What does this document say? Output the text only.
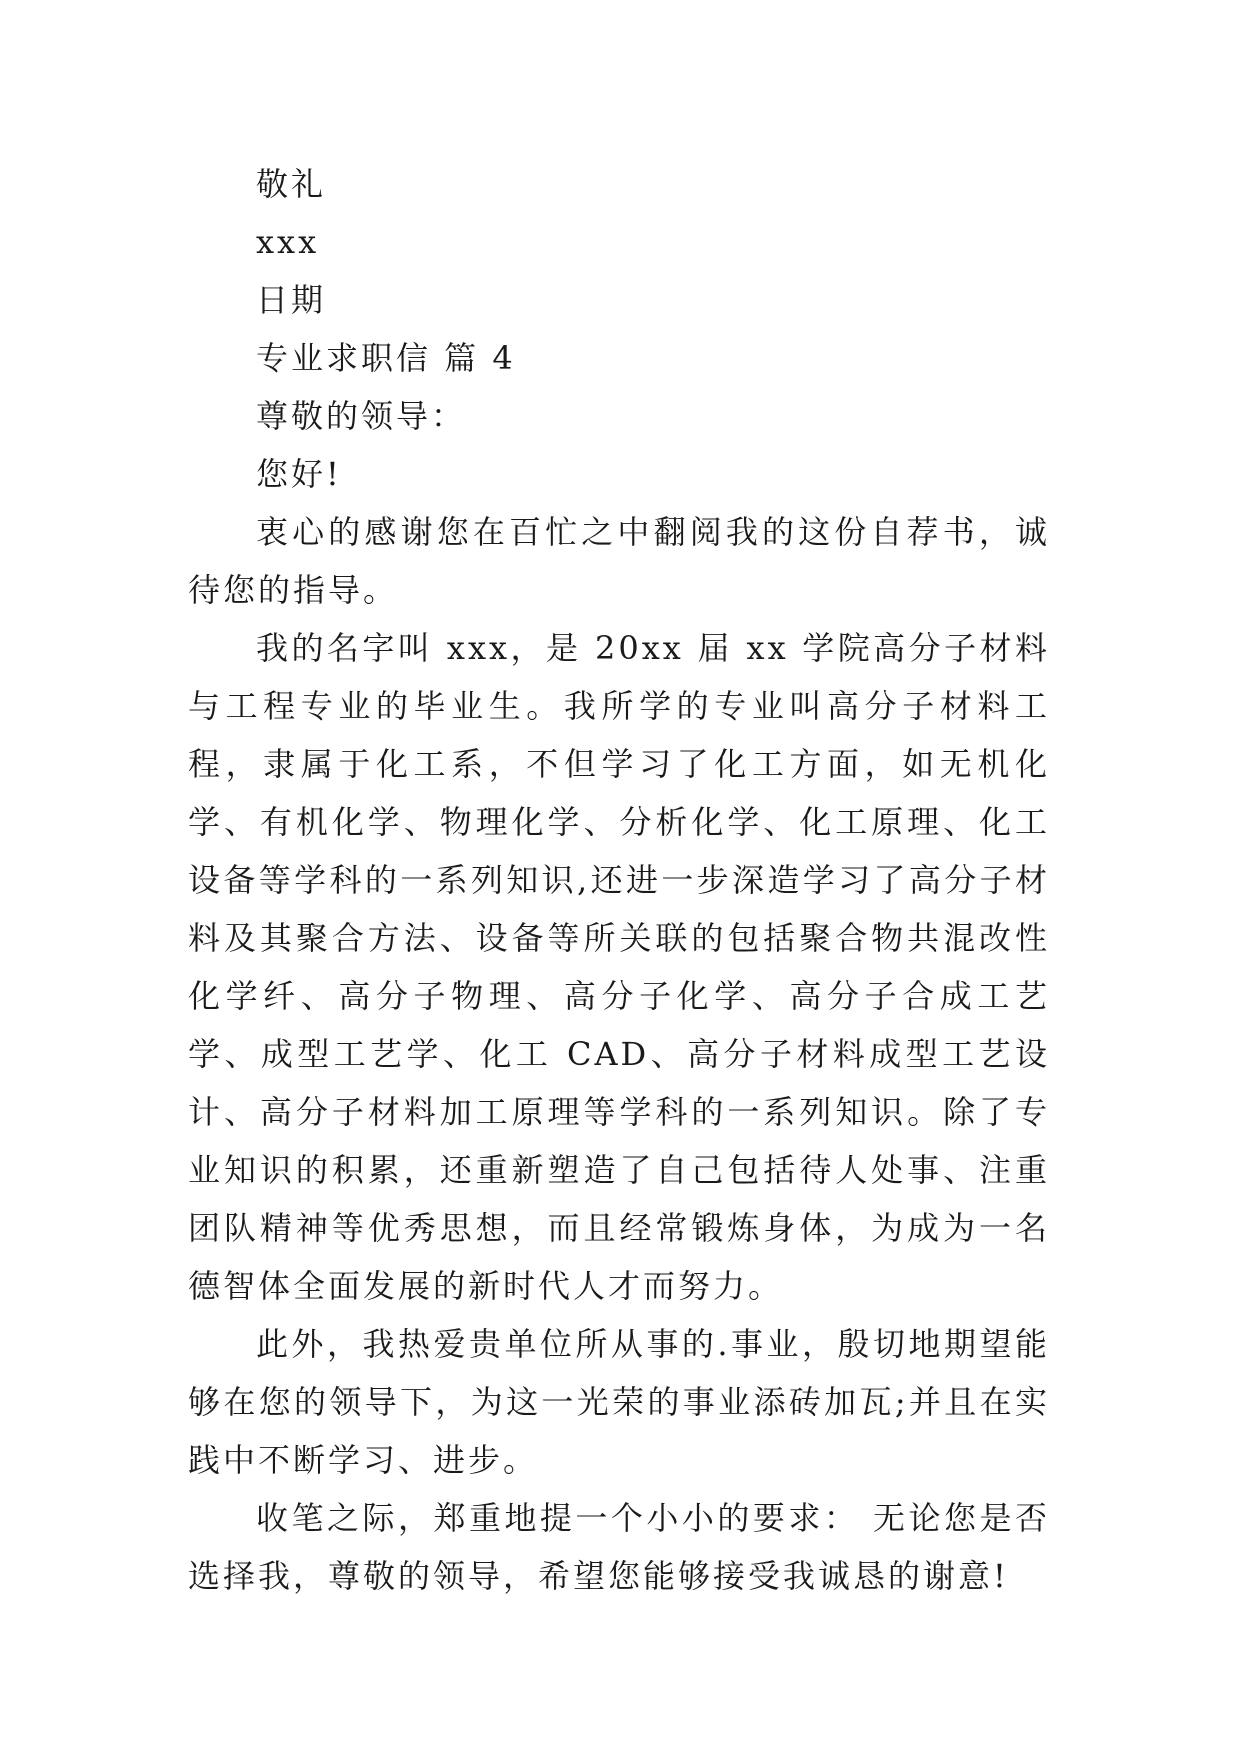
敬礼

xxx

日期

专业求职信 篇 4

尊敬的领导：

您好!

衷心的感谢您在百忙之中翻阅我的这份自荐书，诚待您的指导。

我的名字叫 xxx，是 20xx 届 xx 学院高分子材料与工程专业的毕业生。我所学的专业叫高分子材料工程，隶属于化工系，不但学习了化工方面，如无机化学、有机化学、物理化学、分析化学、化工原理、化工设备等学科的一系列知识,还进一步深造学习了高分子材料及其聚合方法、设备等所关联的包括聚合物共混改性化学纤、高分子物理、高分子化学、高分子合成工艺学、成型工艺学、化工 CAD、高分子材料成型工艺设计、高分子材料加工原理等学科的一系列知识。除了专业知识的积累，还重新塑造了自己包括待人处事、注重团队精神等优秀思想，而且经常锻炼身体，为成为一名德智体全面发展的新时代人才而努力。

此外，我热爱贵单位所从事的.事业，殷切地期望能够在您的领导下，为这一光荣的事业添砖加瓦;并且在实践中不断学习、进步。

收笔之际，郑重地提一个小小的要求： 无论您是否选择我，尊敬的领导，希望您能够接受我诚恳的谢意!
